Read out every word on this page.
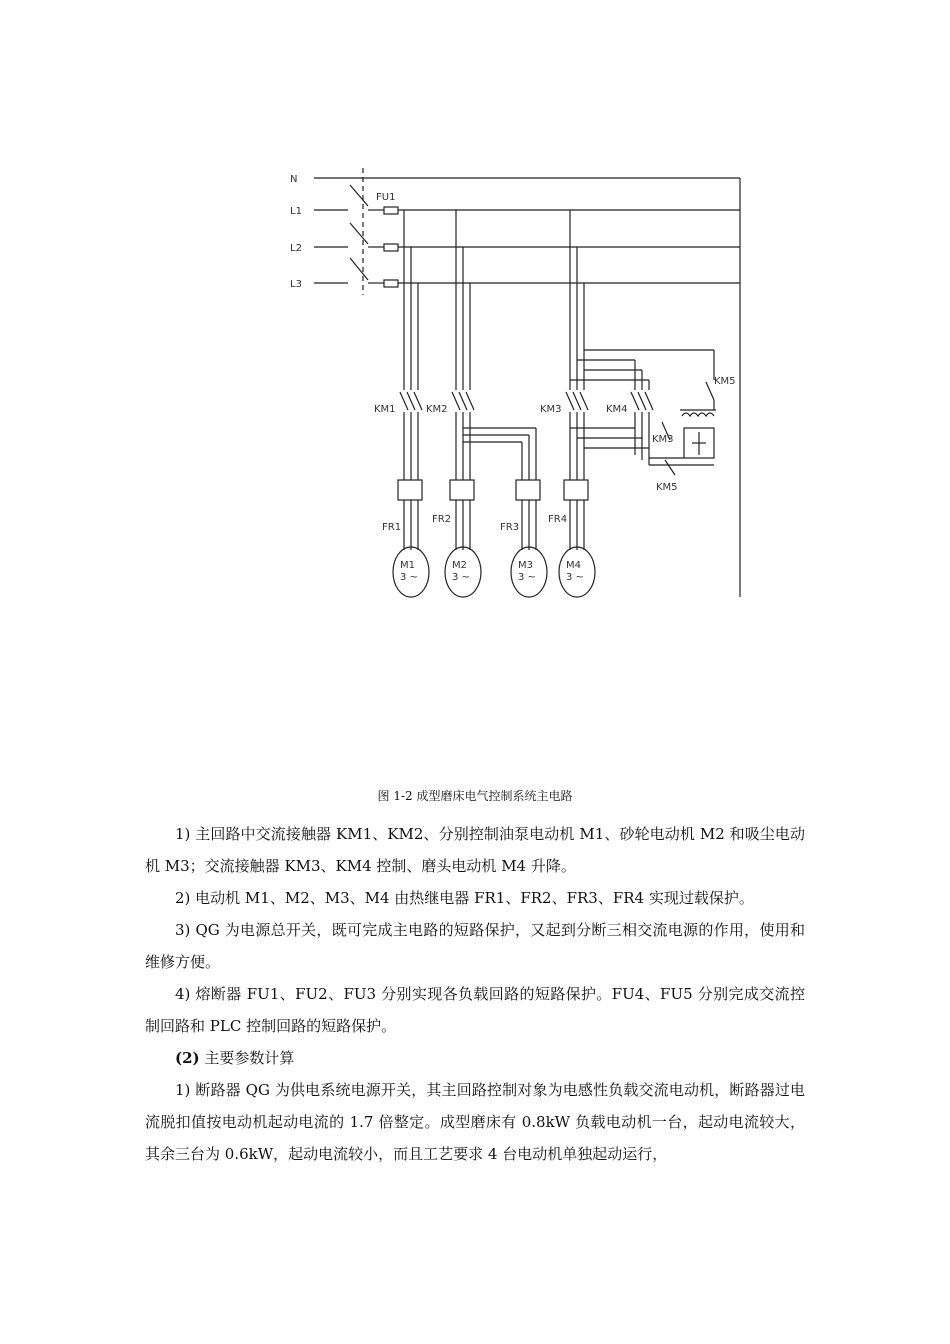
N
L1
L2
L3
FU1
KM1	KM2	KM3	KM4
KM5
KM3
KM5
FR1
FR2
FR3
FR4
M1
3 ~
M2
3 ~
M3
3 ~
M4
3 ~
图 1-2 成型磨床电气控制系统主电路

1) 主回路中交流接触器 KM1、KM2、分别控制油泵电动机 M1、砂轮电动机 M2 和吸尘电动机 M3；交流接触器 KM3、KM4 控制、磨头电动机 M4 升降。

2) 电动机 M1、M2、M3、M4 由热继电器 FR1、FR2、FR3、FR4 实现过载保护。

3) QG 为电源总开关，既可完成主电路的短路保护，又起到分断三相交流电源的作用，使用和维修方便。

4) 熔断器 FU1、FU2、FU3 分别实现各负载回路的短路保护。FU4、FU5 分别完成交流控制回路和 PLC 控制回路的短路保护。

(2) 主要参数计算

1) 断路器 QG 为供电系统电源开关，其主回路控制对象为电感性负载交流电动机，断路器过电流脱扣值按电动机起动电流的 1.7 倍整定。成型磨床有 0.8kW 负载电动机一台，起动电流较大，其余三台为 0.6kW，起动电流较小，而且工艺要求 4 台电动机单独起动运行，
